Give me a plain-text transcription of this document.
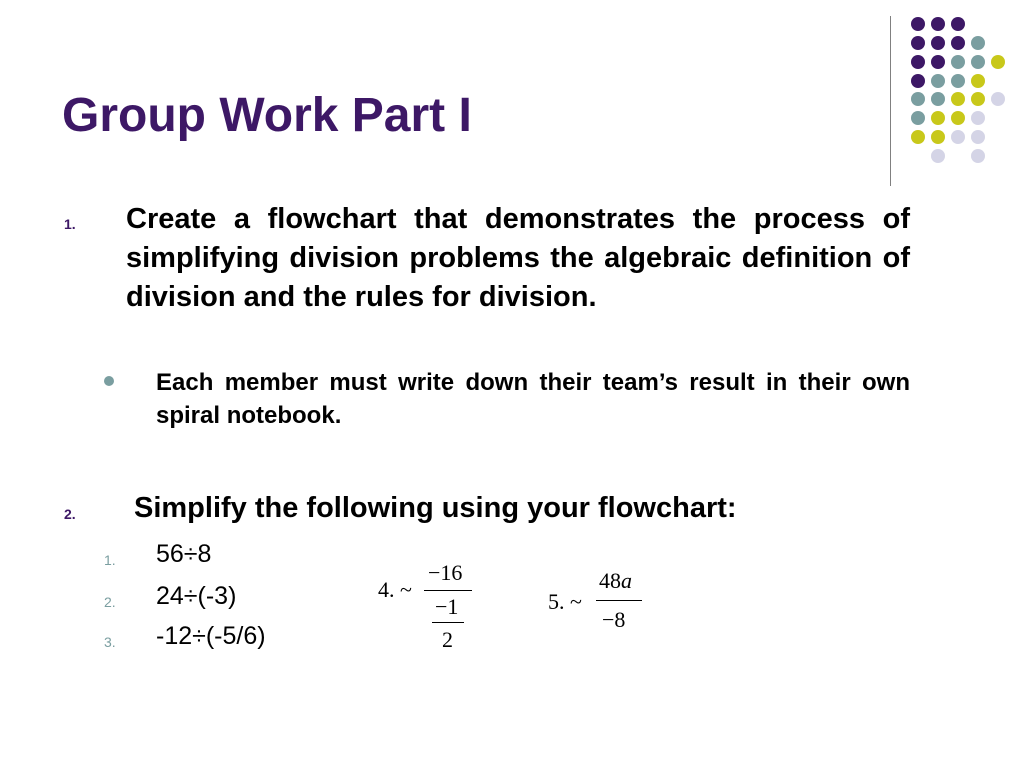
Group Work Part I
1. Create a flowchart that demonstrates the process of simplifying division problems the algebraic definition of division and the rules for division.
Each member must write down their team’s result in their own spiral notebook.
2. Simplify the following using your flowchart:
1. 56÷8
2. 24÷(-3)
3. -12÷(-5/6)
4. ~
−16
−1
2
5. ~
48a
−8
